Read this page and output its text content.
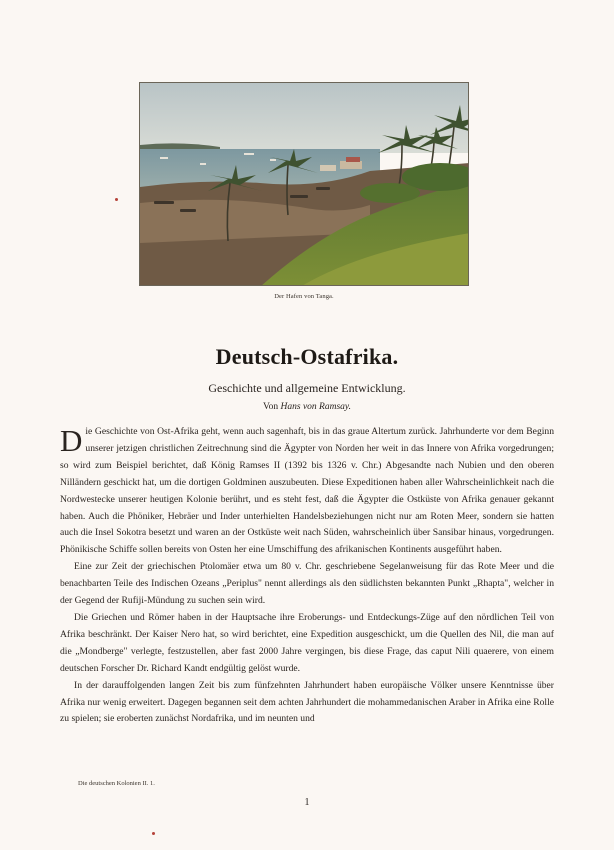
Der Hafen von Tanga.
Deutsch-Ostafrika.
Geschichte und allgemeine Entwicklung.
Von Hans von Ramsay.

Die Geschichte von Ost-Afrika geht, wenn auch sagenhaft, bis in das graue Altertum zurück. Jahrhunderte vor dem Beginn unserer jetzigen christlichen Zeitrechnung sind die Ägypter von Norden her weit in das Innere von Afrika vorgedrungen; so wird zum Beispiel berichtet, daß König Ramses II (1392 bis 1326 v. Chr.) Abgesandte nach Nubien und den oberen Nilländern geschickt hat, um die dortigen Goldminen auszubeuten. Diese Expeditionen haben aller Wahrscheinlichkeit nach die Nordwestecke unserer heutigen Kolonie berührt, und es steht fest, daß die Ägypter die Ostküste von Afrika genauer gekannt haben. Auch die Phöniker, Hebräer und Inder unterhielten Handelsbeziehungen nicht nur am Roten Meer, sondern sie hatten auch die Insel Sokotra besetzt und waren an der Ostküste weit nach Süden, wahrscheinlich über Sansibar hinaus, vorgedrungen. Phönikische Schiffe sollen bereits von Osten her eine Umschiffung des afrikanischen Kontinents ausgeführt haben.

Eine zur Zeit der griechischen Ptolomäer etwa um 80 v. Chr. geschriebene Segelanweisung für das Rote Meer und die benachbarten Teile des Indischen Ozeans „Periplus" nennt allerdings als den südlichsten bekannten Punkt „Rhapta", welcher in der Gegend der Rufiji-Mündung zu suchen sein wird.

Die Griechen und Römer haben in der Hauptsache ihre Eroberungs- und Entdeckungs-Züge auf den nördlichen Teil von Afrika beschränkt. Der Kaiser Nero hat, so wird berichtet, eine Expedition ausgeschickt, um die Quellen des Nil, die man auf die „Mondberge" verlegte, festzustellen, aber fast 2000 Jahre vergingen, bis diese Frage, das caput Nili quaerere, von einem deutschen Forscher Dr. Richard Kandt endgültig gelöst wurde.

In der darauffolgenden langen Zeit bis zum fünfzehnten Jahrhundert haben europäische Völker unsere Kenntnisse über Afrika nur wenig erweitert. Dagegen begannen seit dem achten Jahrhundert die mohammedanischen Araber in Afrika eine Rolle zu spielen; sie eroberten zunächst Nordafrika, und im neunten und

Die deutschen Kolonien II. 1.
1
